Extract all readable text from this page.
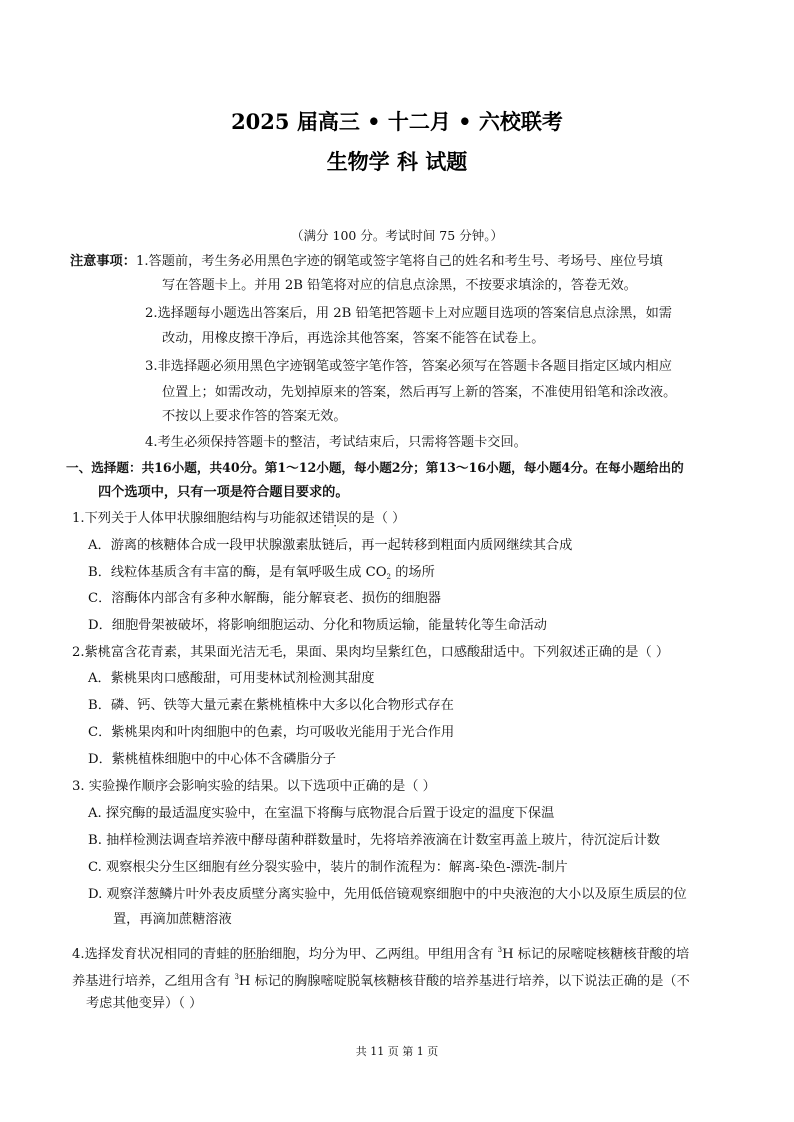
2025 届高三 • 十二月 • 六校联考
生物学 科 试题
（满分 100 分。考试时间 75 分钟。）
注意事项：1.答题前，考生务必用黑色字迹的钢笔或签字笔将自己的姓名和考生号、考场号、座位号填
写在答题卡上。并用 2B 铅笔将对应的信息点涂黑，不按要求填涂的，答卷无效。
2.选择题每小题选出答案后，用 2B 铅笔把答题卡上对应题目选项的答案信息点涂黑，如需
改动，用橡皮擦干净后，再选涂其他答案，答案不能答在试卷上。
3.非选择题必须用黑色字迹钢笔或签字笔作答，答案必须写在答题卡各题目指定区域内相应
位置上；如需改动，先划掉原来的答案，然后再写上新的答案，不准使用铅笔和涂改液。
不按以上要求作答的答案无效。
4.考生必须保持答题卡的整洁，考试结束后，只需将答题卡交回。
一、选择题：共16小题，共40分。第1～12小题，每小题2分；第13～16小题，每小题4分。在每小题给出的
四个选项中，只有一项是符合题目要求的。
1.下列关于人体甲状腺细胞结构与功能叙述错误的是（ ）
A．游离的核糖体合成一段甲状腺激素肽链后，再一起转移到粗面内质网继续其合成
B．线粒体基质含有丰富的酶，是有氧呼吸生成 $CO_2$ 的场所
C．溶酶体内部含有多种水解酶，能分解衰老、损伤的细胞器
D．细胞骨架被破坏，将影响细胞运动、分化和物质运输，能量转化等生命活动
2.紫桃富含花青素，其果面光洁无毛，果面、果肉均呈紫红色，口感酸甜适中。下列叙述正确的是（ ）
A．紫桃果肉口感酸甜，可用斐林试剂检测其甜度
B．磷、钙、铁等大量元素在紫桃植株中大多以化合物形式存在
C．紫桃果肉和叶肉细胞中的色素，均可吸收光能用于光合作用
D．紫桃植株细胞中的中心体不含磷脂分子
3. 实验操作顺序会影响实验的结果。以下选项中正确的是（ ）
A. 探究酶的最适温度实验中，在室温下将酶与底物混合后置于设定的温度下保温
B. 抽样检测法调查培养液中酵母菌种群数量时，先将培养液滴在计数室再盖上玻片，待沉淀后计数
C. 观察根尖分生区细胞有丝分裂实验中，装片的制作流程为：解离-染色-漂洗-制片
D. 观察洋葱鳞片叶外表皮质壁分离实验中，先用低倍镜观察细胞中的中央液泡的大小以及原生质层的位
置，再滴加蔗糖溶液
4.选择发育状况相同的青蛙的胚胎细胞，均分为甲、乙两组。甲组用含有 $^3$H 标记的尿嘧啶核糖核苷酸的培
养基进行培养，乙组用含有 $^3$H 标记的胸腺嘧啶脱氧核糖核苷酸的培养基进行培养，以下说法正确的是（不
考虑其他变异）（ ）
共 11 页 第 1 页
